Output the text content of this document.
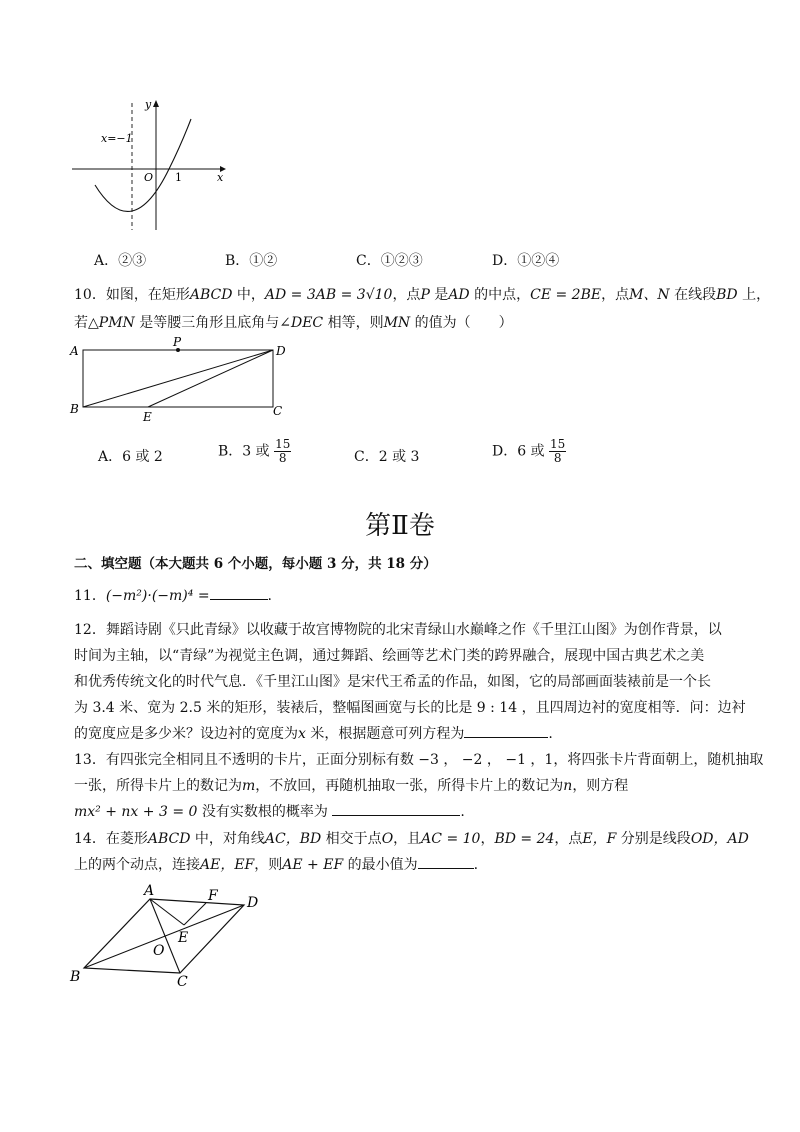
y
x
O 1
x=−1
A．②③	B．①②	C．①②③	D．①②④
10．如图，在矩形ABCD 中，AD = 3AB = 3√10，点P 是AD 的中点，CE = 2BE，点M、N 在线段BD 上，
若△PMN 是等腰三角形且底角与∠DEC 相等，则MN 的值为（　　）
A
P
D
B
E	C
A．6 或 2	B．3 或 $\frac{15}{8}$	C．2 或 3	D．6 或 $\frac{15}{8}$
第Ⅱ卷
二、填空题（本大题共 6 个小题，每小题 3 分，共 18 分）
11．(−m²)·(−m)⁴ =	.
12．舞蹈诗剧《只此青绿》以收藏于故宫博物院的北宋青绿山水巅峰之作《千里江山图》为创作背景，以
时间为主轴，以“青绿”为视觉主色调，通过舞蹈、绘画等艺术门类的跨界融合，展现中国古典艺术之美
和优秀传统文化的时代气息．《千里江山图》是宋代王希孟的作品，如图，它的局部画面装裱前是一个长
为 3.4 米、宽为 2.5 米的矩形，装裱后，整幅图画宽与长的比是 9 : 14 ，且四周边衬的宽度相等．问：边衬
的宽度应是多少米？设边衬的宽度为x 米，根据题意可列方程为	.
13．有四张完全相同且不透明的卡片，正面分别标有数 −3 ， −2 ， −1 ，1，将四张卡片背面朝上，随机抽取
一张，所得卡片上的数记为m，不放回，再随机抽取一张，所得卡片上的数记为n，则方程
mx² + nx + 3 = 0 没有实数根的概率为	.
14．在菱形ABCD 中，对角线AC，BD 相交于点O，且AC = 10，BD = 24，点E，F 分别是线段OD，AD
上的两个动点，连接AE，EF，则AE + EF 的最小值为	.
A	F D
E
O
B	C
